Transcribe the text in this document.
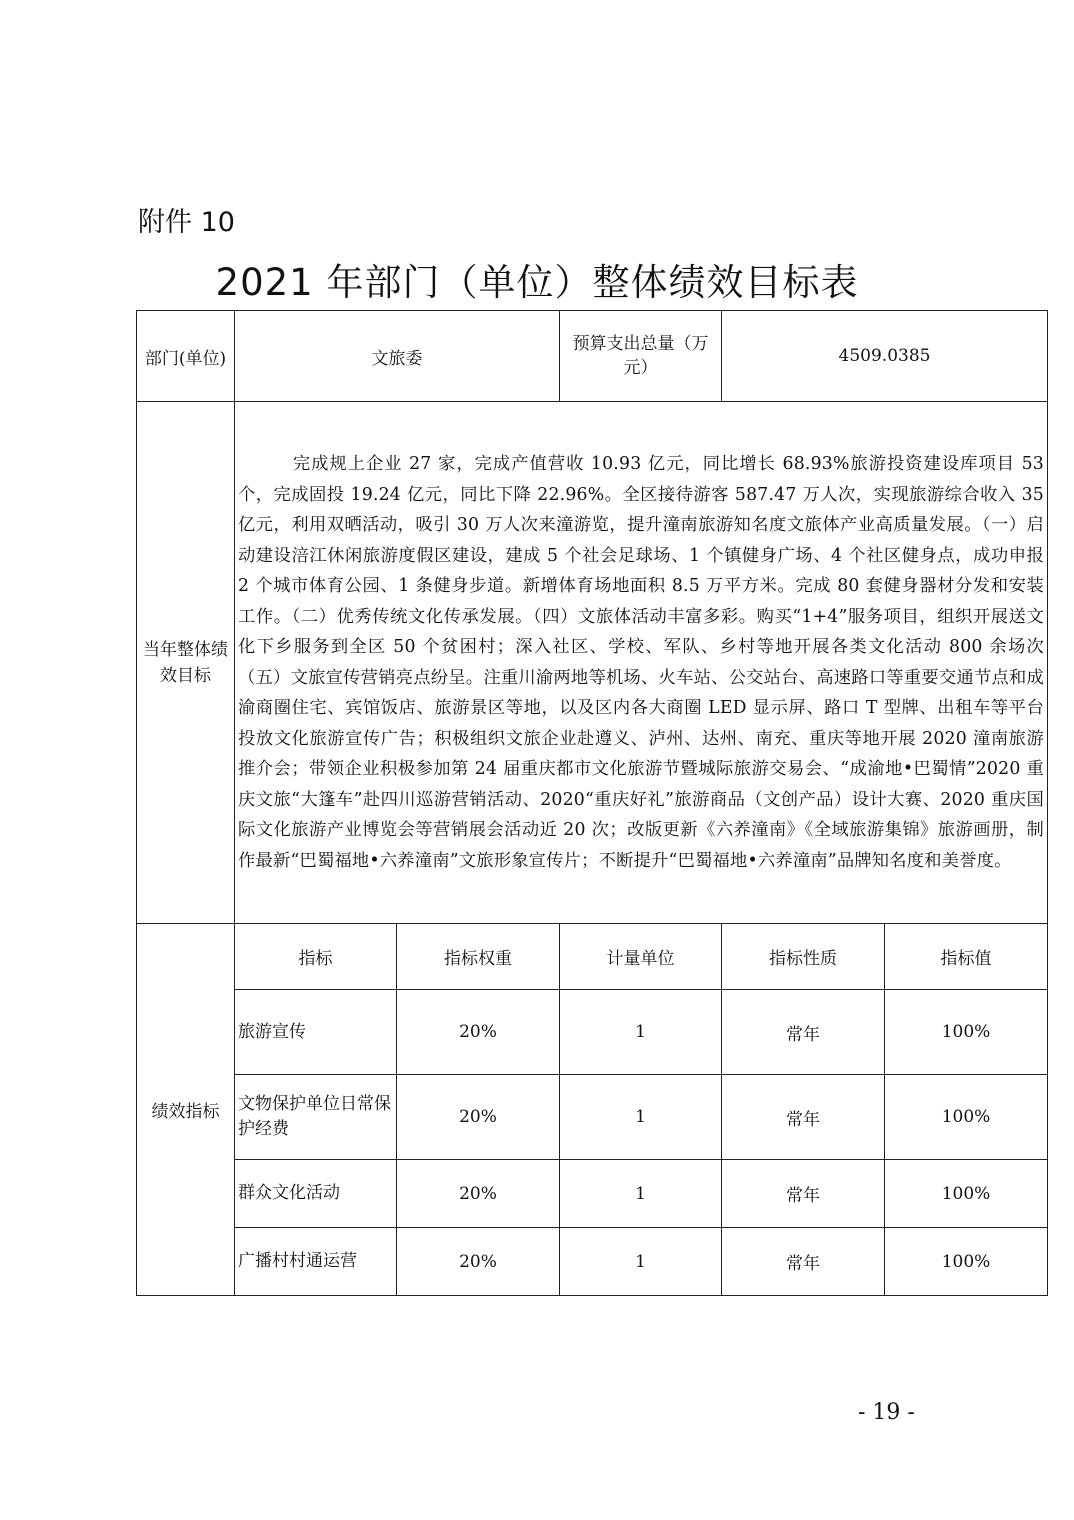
附件 10
2021 年部门（单位）整体绩效目标表
部门(单位)	文旅委		预算支出总量（万元）	4509.0385	
当年整体绩效目标	完成规上企业 27 家，完成产值营收 10.93 亿元，同比增长 68.93%旅游投资建设库项目 53 个，完成固投 19.24 亿元，同比下降 22.96%。全区接待游客 587.47 万人次，实现旅游综合收入 35 亿元，利用双晒活动，吸引 30 万人次来潼游览，提升潼南旅游知名度文旅体产业高质量发展。（一）启动建设涪江休闲旅游度假区建设，建成 5 个社会足球场、1 个镇健身广场、4 个社区健身点，成功申报 2 个城市体育公园、1 条健身步道。新增体育场地面积 8.5 万平方米。完成 80 套健身器材分发和安装工作。（二）优秀传统文化传承发展。（四）文旅体活动丰富多彩。购买“1+4”服务项目，组织开展送文化下乡服务到全区 50 个贫困村；深入社区、学校、军队、乡村等地开展各类文化活动 800 余场次 （五）文旅宣传营销亮点纷呈。注重川渝两地等机场、火车站、公交站台、高速路口等重要交通节点和成渝商圈住宅、宾馆饭店、旅游景区等地，以及区内各大商圈 LED 显示屏、路口 T 型牌、出租车等平台投放文化旅游宣传广告；积极组织文旅企业赴遵义、泸州、达州、南充、重庆等地开展 2020 潼南旅游推介会；带领企业积极参加第 24 届重庆都市文化旅游节暨城际旅游交易会、“成渝地•巴蜀情”2020 重庆文旅“大篷车”赴四川巡游营销活动、2020“重庆好礼”旅游商品（文创产品）设计大赛、2020 重庆国际文化旅游产业博览会等营销展会活动近 20 次；改版更新《六养潼南》《全域旅游集锦》旅游画册，制作最新“巴蜀福地•六养潼南”文旅形象宣传片；不断提升“巴蜀福地•六养潼南”品牌知名度和美誉度。				
绩效指标	指标	指标权重	计量单位	指标性质	指标值
	旅游宣传	20%	1	常年	100%
	文物保护单位日常保护经费	20%	1	常年	100%
	群众文化活动	20%	1	常年	100%
	广播村村通运营	20%	1	常年	100%
- 19 -
